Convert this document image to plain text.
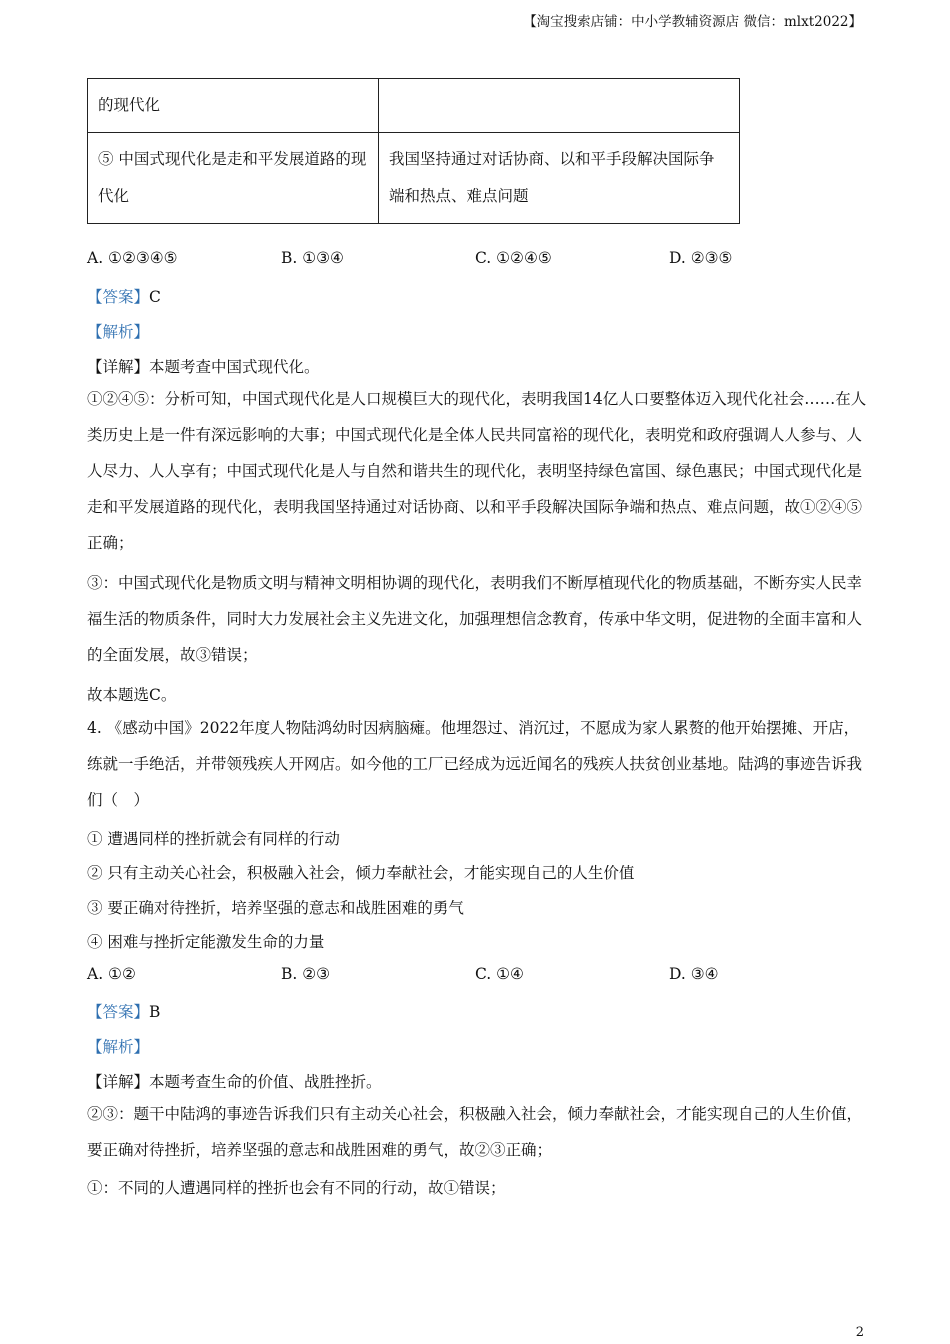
【淘宝搜索店铺：中小学教辅资源店 微信：mlxt2022】
的现代化	
⑤ 中国式现代化是走和平发展道路的现代化	我国坚持通过对话协商、以和平手段解决国际争端和热点、难点问题
A. ①②③④⑤	B. ①③④	C. ①②④⑤	D. ②③⑤
【答案】C
【解析】
【详解】本题考查中国式现代化。
①②④⑤：分析可知，中国式现代化是人口规模巨大的现代化，表明我国14亿人口要整体迈入现代化社会……在人类历史上是一件有深远影响的大事；中国式现代化是全体人民共同富裕的现代化，表明党和政府强调人人参与、人人尽力、人人享有；中国式现代化是人与自然和谐共生的现代化，表明坚持绿色富国、绿色惠民；中国式现代化是走和平发展道路的现代化，表明我国坚持通过对话协商、以和平手段解决国际争端和热点、难点问题，故①②④⑤正确；
③：中国式现代化是物质文明与精神文明相协调的现代化，表明我们不断厚植现代化的物质基础，不断夯实人民幸福生活的物质条件，同时大力发展社会主义先进文化，加强理想信念教育，传承中华文明，促进物的全面丰富和人的全面发展，故③错误；
故本题选C。
4. 《感动中国》2022年度人物陆鸿幼时因病脑瘫。他埋怨过、消沉过，不愿成为家人累赘的他开始摆摊、开店，练就一手绝活，并带领残疾人开网店。如今他的工厂已经成为远近闻名的残疾人扶贫创业基地。陆鸿的事迹告诉我们（　）
① 遭遇同样的挫折就会有同样的行动
② 只有主动关心社会，积极融入社会，倾力奉献社会，才能实现自己的人生价值
③ 要正确对待挫折，培养坚强的意志和战胜困难的勇气
④ 困难与挫折定能激发生命的力量
A. ①②	B. ②③	C. ①④	D. ③④
【答案】B
【解析】
【详解】本题考查生命的价值、战胜挫折。
②③：题干中陆鸿的事迹告诉我们只有主动关心社会，积极融入社会，倾力奉献社会，才能实现自己的人生价值，要正确对待挫折，培养坚强的意志和战胜困难的勇气，故②③正确；
①：不同的人遭遇同样的挫折也会有不同的行动，故①错误；
2
